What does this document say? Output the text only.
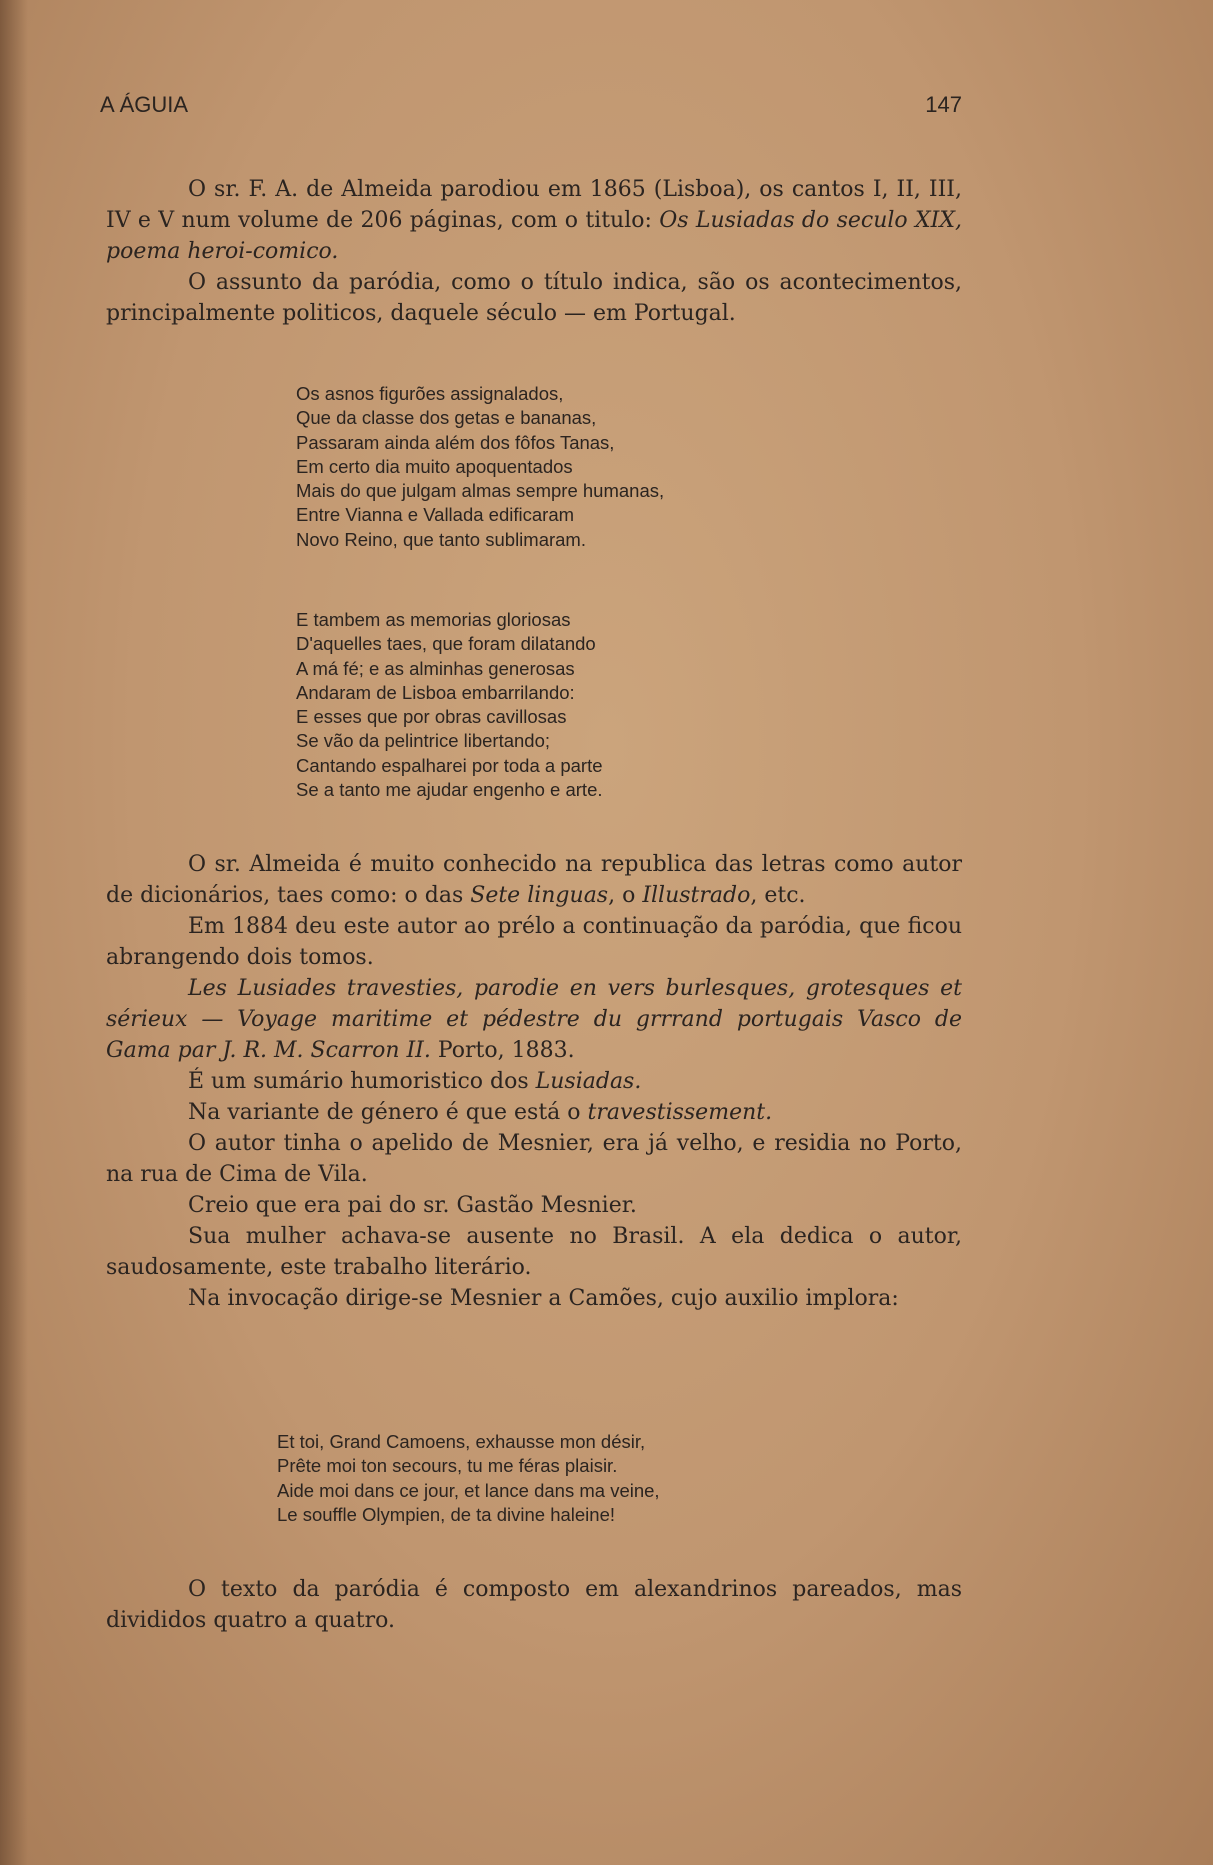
A ÁGUIA	147

O sr. F. A. de Almeida parodiou em 1865 (Lisboa), os cantos I, II, III, IV e V num volume de 206 páginas, com o titulo: Os Lusiadas do seculo XIX, poema heroi-comico.

O assunto da paródia, como o título indica, são os acontecimentos, principalmente politicos, daquele século — em Portugal.

Os asnos figurões assignalados,
Que da classe dos getas e bananas,
Passaram ainda além dos fôfos Tanas,
Em certo dia muito apoquentados
Mais do que julgam almas sempre humanas,
Entre Vianna e Vallada edificaram
Novo Reino, que tanto sublimaram.
E tambem as memorias gloriosas
D'aquelles taes, que foram dilatando
A má fé; e as alminhas generosas
Andaram de Lisboa embarrilando:
E esses que por obras cavillosas
Se vão da pelintrice libertando;
Cantando espalharei por toda a parte
Se a tanto me ajudar engenho e arte.

O sr. Almeida é muito conhecido na republica das letras como autor de dicionários, taes como: o das Sete linguas, o Illustrado, etc.

Em 1884 deu este autor ao prélo a continuação da paródia, que ficou abrangendo dois tomos.

Les Lusiades travesties, parodie en vers burlesques, grotesques et sérieux — Voyage maritime et pédestre du grrrand portugais Vasco de Gama par J. R. M. Scarron II. Porto, 1883.

É um sumário humoristico dos Lusiadas.

Na variante de género é que está o travestissement.

O autor tinha o apelido de Mesnier, era já velho, e residia no Porto, na rua de Cima de Vila.

Creio que era pai do sr. Gastão Mesnier.

Sua mulher achava-se ausente no Brasil. A ela dedica o autor, saudosamente, este trabalho literário.

Na invocação dirige-se Mesnier a Camões, cujo auxilio implora:

Et toi, Grand Camoens, exhausse mon désir,
Prête moi ton secours, tu me féras plaisir.
Aide moi dans ce jour, et lance dans ma veine,
Le souffle Olympien, de ta divine haleine!

O texto da paródia é composto em alexandrinos pareados, mas divididos quatro a quatro.
